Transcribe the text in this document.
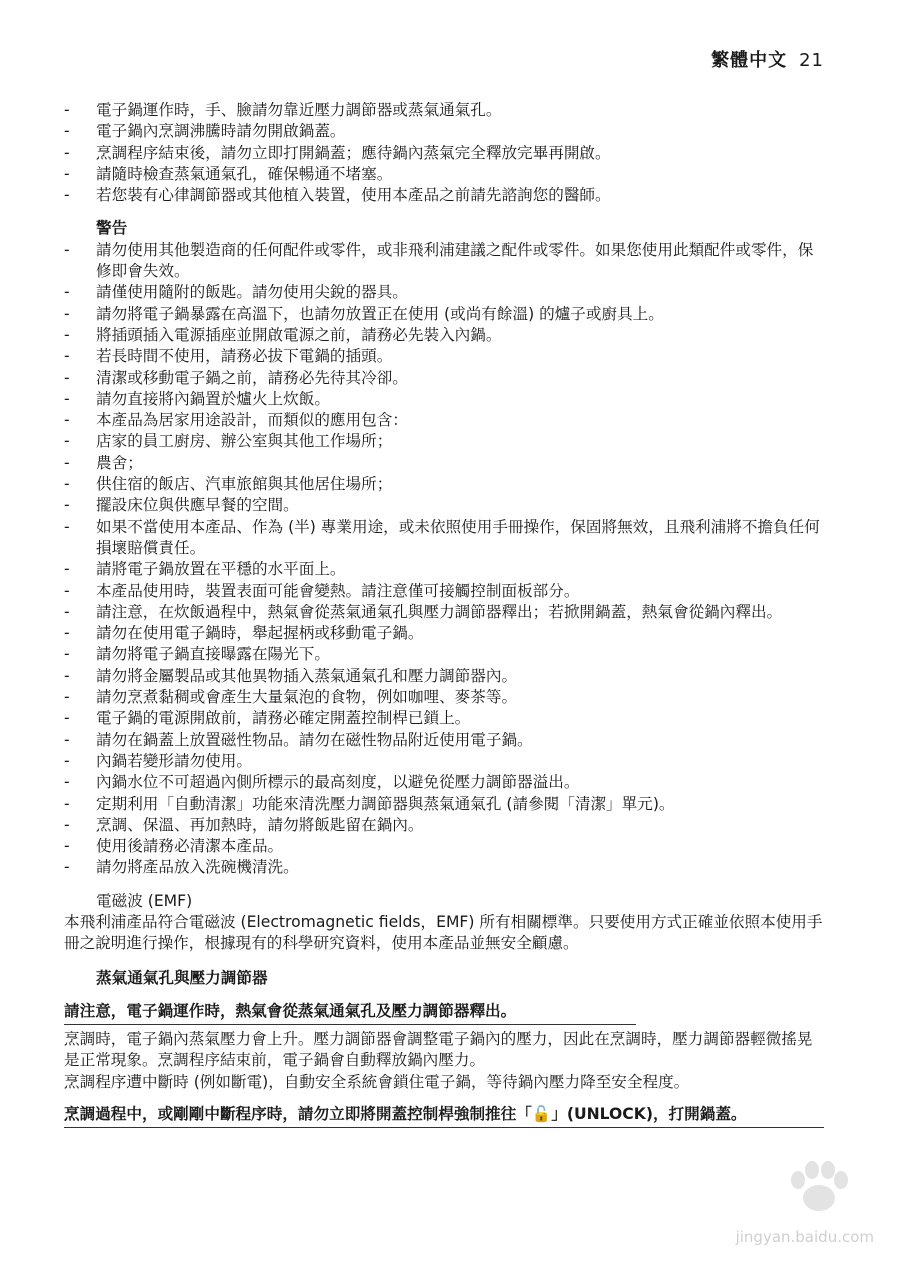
繁體中文 21
- 電子鍋運作時，手、臉請勿靠近壓力調節器或蒸氣通氣孔。
- 電子鍋內烹調沸騰時請勿開啟鍋蓋。
- 烹調程序結束後，請勿立即打開鍋蓋；應待鍋內蒸氣完全釋放完畢再開啟。
- 請隨時檢查蒸氣通氣孔，確保暢通不堵塞。
- 若您裝有心律調節器或其他植入裝置，使用本產品之前請先諮詢您的醫師。
警告
- 請勿使用其他製造商的任何配件或零件，或非飛利浦建議之配件或零件。如果您使用此類配件或零件，保修即會失效。
- 請僅使用隨附的飯匙。請勿使用尖銳的器具。
- 請勿將電子鍋暴露在高溫下，也請勿放置正在使用 (或尚有餘溫) 的爐子或廚具上。
- 將插頭插入電源插座並開啟電源之前，請務必先裝入內鍋。
- 若長時間不使用，請務必拔下電鍋的插頭。
- 清潔或移動電子鍋之前，請務必先待其冷卻。
- 請勿直接將內鍋置於爐火上炊飯。
- 本產品為居家用途設計，而類似的應用包含：
- 店家的員工廚房、辦公室與其他工作場所；
- 農舍；
- 供住宿的飯店、汽車旅館與其他居住場所；
- 擺設床位與供應早餐的空間。
- 如果不當使用本產品、作為 (半) 專業用途，或未依照使用手冊操作，保固將無效，且飛利浦將不擔負任何損壞賠償責任。
- 請將電子鍋放置在平穩的水平面上。
- 本產品使用時，裝置表面可能會變熱。請注意僅可接觸控制面板部分。
- 請注意，在炊飯過程中，熱氣會從蒸氣通氣孔與壓力調節器釋出；若掀開鍋蓋，熱氣會從鍋內釋出。
- 請勿在使用電子鍋時，舉起握柄或移動電子鍋。
- 請勿將電子鍋直接曝露在陽光下。
- 請勿將金屬製品或其他異物插入蒸氣通氣孔和壓力調節器內。
- 請勿烹煮黏稠或會產生大量氣泡的食物，例如咖哩、麥茶等。
- 電子鍋的電源開啟前，請務必確定開蓋控制桿已鎖上。
- 請勿在鍋蓋上放置磁性物品。請勿在磁性物品附近使用電子鍋。
- 內鍋若變形請勿使用。
- 內鍋水位不可超過內側所標示的最高刻度，以避免從壓力調節器溢出。
- 定期利用「自動清潔」功能來清洗壓力調節器與蒸氣通氣孔 (請參閱「清潔」單元)。
- 烹調、保溫、再加熱時，請勿將飯匙留在鍋內。
- 使用後請務必清潔本產品。
- 請勿將產品放入洗碗機清洗。
電磁波 (EMF)
本飛利浦產品符合電磁波 (Electromagnetic fields，EMF) 所有相關標準。只要使用方式正確並依照本使用手冊之說明進行操作，根據現有的科學研究資料，使用本產品並無安全顧慮。
蒸氣通氣孔與壓力調節器
請注意，電子鍋運作時，熱氣會從蒸氣通氣孔及壓力調節器釋出。
烹調時，電子鍋內蒸氣壓力會上升。壓力調節器會調整電子鍋內的壓力，因此在烹調時，壓力調節器輕微搖晃是正常現象。烹調程序結束前，電子鍋會自動釋放鍋內壓力。
烹調程序遭中斷時 (例如斷電)，自動安全系統會鎖住電子鍋，等待鍋內壓力降至安全程度。
烹調過程中，或剛剛中斷程序時，請勿立即將開蓋控制桿強制推往「🔓」(UNLOCK)，打開鍋蓋。
jingyan.baidu.com
